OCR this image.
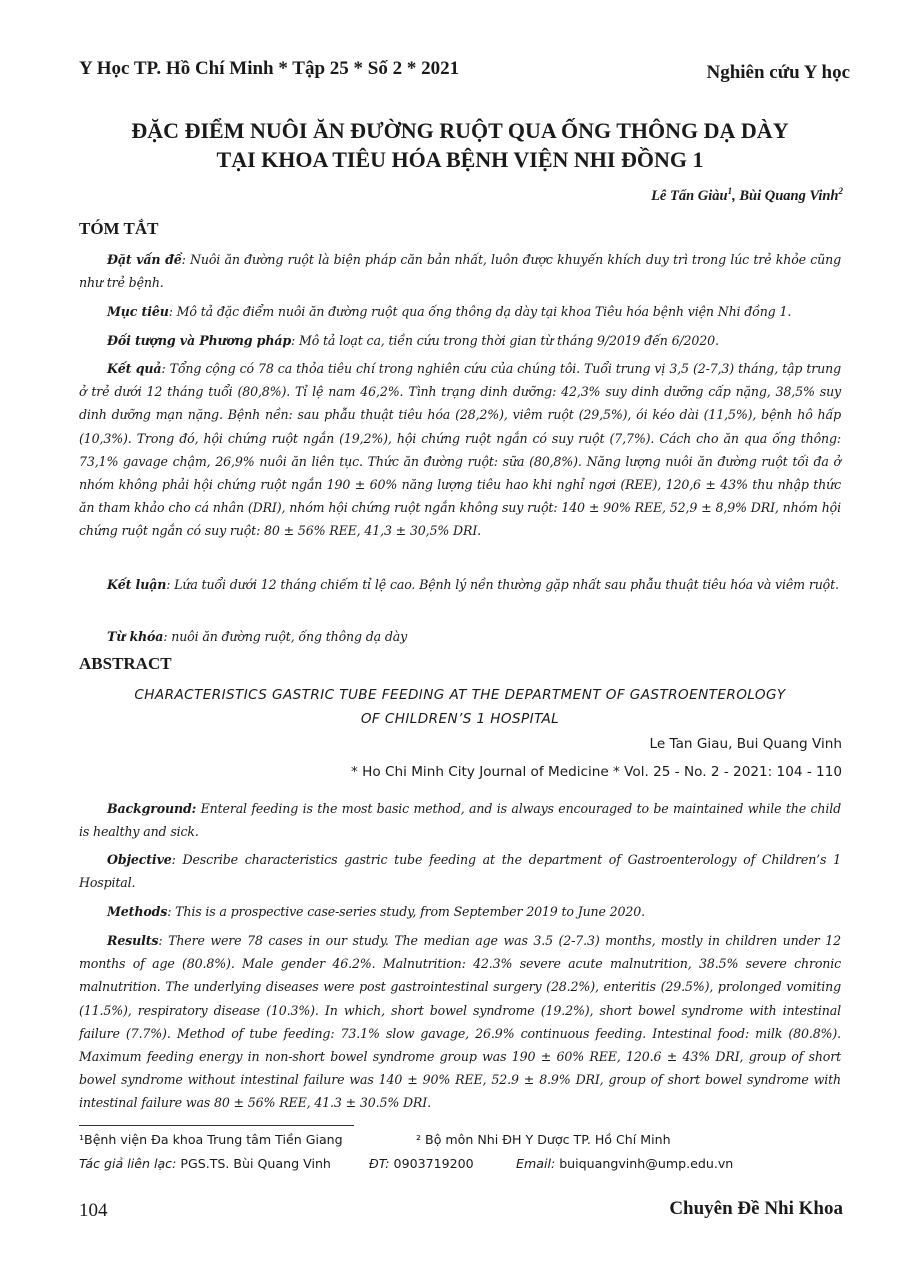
Y Học TP. Hồ Chí Minh * Tập 25 * Số 2 * 2021	Nghiên cứu Y học
ĐẶC ĐIỂM NUÔI ĂN ĐƯỜNG RUỘT QUA ỐNG THÔNG DẠ DÀY
TẠI KHOA TIÊU HÓA BỆNH VIỆN NHI ĐỒNG 1
Lê Tấn Giàu$^1$, Bùi Quang Vinh$^2$
TÓM TẮT

Đặt vấn đề: Nuôi ăn đường ruột là biện pháp căn bản nhất, luôn được khuyến khích duy trì trong lúc trẻ khỏe cũng như trẻ bệnh.

Mục tiêu: Mô tả đặc điểm nuôi ăn đường ruột qua ống thông dạ dày tại khoa Tiêu hóa bệnh viện Nhi đồng 1.

Đối tượng và Phương pháp: Mô tả loạt ca, tiền cứu trong thời gian từ tháng 9/2019 đến 6/2020.

Kết quả: Tổng cộng có 78 ca thỏa tiêu chí trong nghiên cứu của chúng tôi. Tuổi trung vị 3,5 (2-7,3) tháng, tập trung ở trẻ dưới 12 tháng tuổi (80,8%). Tỉ lệ nam 46,2%. Tình trạng dinh dưỡng: 42,3% suy dinh dưỡng cấp nặng, 38,5% suy dinh dưỡng mạn nặng. Bệnh nền: sau phẫu thuật tiêu hóa (28,2%), viêm ruột (29,5%), ói kéo dài (11,5%), bệnh hô hấp (10,3%). Trong đó, hội chứng ruột ngắn (19,2%), hội chứng ruột ngắn có suy ruột (7,7%). Cách cho ăn qua ống thông: 73,1% gavage chậm, 26,9% nuôi ăn liên tục. Thức ăn đường ruột: sữa (80,8%). Năng lượng nuôi ăn đường ruột tối đa ở nhóm không phải hội chứng ruột ngắn 190 ± 60% năng lượng tiêu hao khi nghỉ ngơi (REE), 120,6 ± 43% thu nhập thức ăn tham khảo cho cá nhân (DRI), nhóm hội chứng ruột ngắn không suy ruột: 140 ± 90% REE, 52,9 ± 8,9% DRI, nhóm hội chứng ruột ngắn có suy ruột: 80 ± 56% REE, 41,3 ± 30,5% DRI.

Kết luận: Lứa tuổi dưới 12 tháng chiếm tỉ lệ cao. Bệnh lý nền thường gặp nhất sau phẫu thuật tiêu hóa và viêm ruột.

Từ khóa: nuôi ăn đường ruột, ống thông dạ dày

ABSTRACT
CHARACTERISTICS GASTRIC TUBE FEEDING AT THE DEPARTMENT OF GASTROENTEROLOGY
OF CHILDREN’S 1 HOSPITAL
Le Tan Giau, Bui Quang Vinh
* Ho Chi Minh City Journal of Medicine * Vol. 25 - No. 2 - 2021: 104 - 110

Background: Enteral feeding is the most basic method, and is always encouraged to be maintained while the child is healthy and sick.

Objective: Describe characteristics gastric tube feeding at the department of Gastroenterology of Children’s 1 Hospital.

Methods: This is a prospective case-series study, from September 2019 to June 2020.

Results: There were 78 cases in our study. The median age was 3.5 (2-7.3) months, mostly in children under 12 months of age (80.8%). Male gender 46.2%. Malnutrition: 42.3% severe acute malnutrition, 38.5% severe chronic malnutrition. The underlying diseases were post gastrointestinal surgery (28.2%), enteritis (29.5%), prolonged vomiting (11.5%), respiratory disease (10.3%). In which, short bowel syndrome (19.2%), short bowel syndrome with intestinal failure (7.7%). Method of tube feeding: 73.1% slow gavage, 26.9% continuous feeding. Intestinal food: milk (80.8%). Maximum feeding energy in non-short bowel syndrome group was 190 ± 60% REE, 120.6 ± 43% DRI, group of short bowel syndrome without intestinal failure was 140 ± 90% REE, 52.9 ± 8.9% DRI, group of short bowel syndrome with intestinal failure was 80 ± 56% REE, 41.3 ± 30.5% DRI.

¹Bệnh viện Đa khoa Trung tâm Tiền Giang	² Bộ môn Nhi ĐH Y Dược TP. Hồ Chí Minh
Tác giả liên lạc: PGS.TS. Bùi Quang Vinh	ĐT: 0903719200	Email: buiquangvinh@ump.edu.vn
104	Chuyên Đề Nhi Khoa
